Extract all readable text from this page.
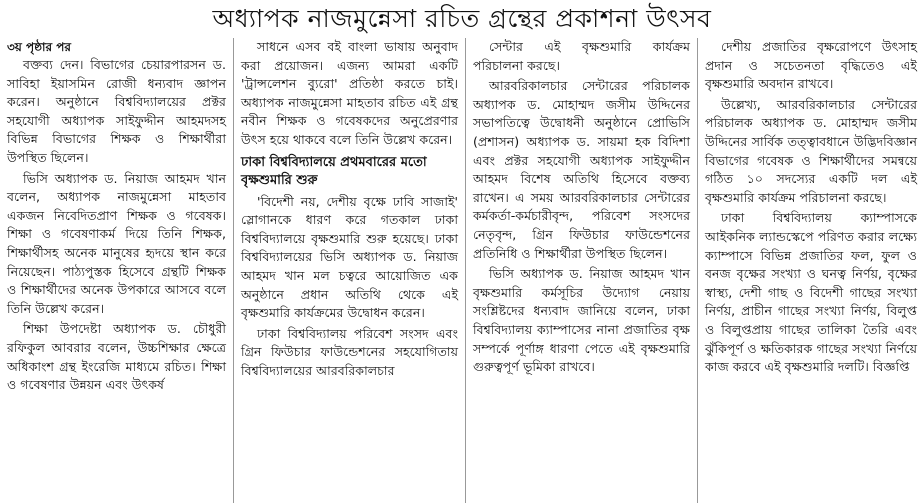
অধ্যাপক নাজমুন্নেসা রচিত গ্রন্থের প্রকাশনা উৎসব
৩য় পৃষ্ঠার পর

বক্তব্য দেন। বিভাগের চেয়ারপারসন ড. সাবিহা ইয়াসমিন রোজী ধন্যবাদ জ্ঞাপন করেন। অনুষ্ঠানে বিশ্ববিদ্যালয়ের প্রক্টর সহযোগী অধ্যাপক সাইফুদ্দীন আহমদসহ বিভিন্ন বিভাগের শিক্ষক ও শিক্ষার্থীরা উপস্থিত ছিলেন।

ভিসি অধ্যাপক ড. নিয়াজ আহমদ খান বলেন, অধ্যাপক নাজমুন্নেসা মাহতাব একজন নিবেদিতপ্রাণ শিক্ষক ও গবেষক। শিক্ষা ও গবেষণাকর্ম দিয়ে তিনি শিক্ষক, শিক্ষার্থীসহ অনেক মানুষের হৃদয়ে স্থান করে নিয়েছেন। পাঠ্যপুস্তক হিসেবে গ্রন্থটি শিক্ষক ও শিক্ষার্থীদের অনেক উপকারে আসবে বলে তিনি উল্লেখ করেন।

শিক্ষা উপদেষ্টা অধ্যাপক ড. চৌধুরী রফিকুল আবরার বলেন, উচ্চশিক্ষার ক্ষেত্রে অধিকাংশ গ্রন্থ ইংরেজি মাধ্যমে রচিত। শিক্ষা ও গবেষণার উন্নয়ন এবং উৎকর্ষ

সাধনে এসব বই বাংলা ভাষায় অনুবাদ করা প্রয়োজন। এজন্য আমরা একটি 'ট্রান্সলেশন ব্যুরো' প্রতিষ্ঠা করতে চাই। অধ্যাপক নাজমুন্নেসা মাহতাব রচিত এই গ্রন্থ নবীন শিক্ষক ও গবেষকদের অনুপ্রেরণার উৎস হয়ে থাকবে বলে তিনি উল্লেখ করেন।

ঢাকা বিশ্ববিদ্যালয়ে প্রথমবারের মতো বৃক্ষশুমারি শুরু

'বিদেশী নয়, দেশীয় বৃক্ষে ঢাবি সাজাই' স্লোগানকে ধারণ করে গতকাল ঢাকা বিশ্ববিদ্যালয়ে বৃক্ষশুমারি শুরু হয়েছে। ঢাকা বিশ্ববিদ্যালয়ের ভিসি অধ্যাপক ড. নিয়াজ আহমদ খান মল চত্বরে আয়োজিত এক অনুষ্ঠানে প্রধান অতিথি থেকে এই বৃক্ষশুমারি কার্যক্রমের উদ্বোধন করেন।

ঢাকা বিশ্ববিদ্যালয় পরিবেশ সংসদ এবং গ্রিন ফিউচার ফাউন্ডেশনের সহযোগিতায় বিশ্ববিদ্যালয়ের আরবরিকালচার

সেন্টার এই বৃক্ষশুমারি কার্যক্রম পরিচালনা করছে।

আরবরিকালচার সেন্টারের পরিচালক অধ্যাপক ড. মোহাম্মদ জসীম উদ্দিনের সভাপতিত্বে উদ্বোধনী অনুষ্ঠানে প্রোভিসি (প্রশাসন) অধ্যাপক ড. সায়মা হক বিদিশা এবং প্রক্টর সহযোগী অধ্যাপক সাইফুদ্দীন আহমদ বিশেষ অতিথি হিসেবে বক্তব্য রাখেন। এ সময় আরবরিকালচার সেন্টারের কর্মকর্তা-কর্মচারীবৃন্দ, পরিবেশ সংসদের নেতৃবৃন্দ, গ্রিন ফিউচার ফাউন্ডেশনের প্রতিনিধি ও শিক্ষার্থীরা উপস্থিত ছিলেন।

ভিসি অধ্যাপক ড. নিয়াজ আহমদ খান বৃক্ষশুমারি কর্মসূচির উদ্যোগ নেয়ায় সংশ্লিষ্টদের ধন্যবাদ জানিয়ে বলেন, ঢাকা বিশ্ববিদ্যালয় ক্যাম্পাসের নানা প্রজাতির বৃক্ষ সম্পর্কে পূর্ণাঙ্গ ধারণা পেতে এই বৃক্ষশুমারি গুরুত্বপূর্ণ ভূমিকা রাখবে।

দেশীয় প্রজাতির বৃক্ষরোপণে উৎসাহ প্রদান ও সচেতনতা বৃদ্ধিতেও এই বৃক্ষশুমারি অবদান রাখবে।

উল্লেখ্য, আরবরিকালচার সেন্টারের পরিচালক অধ্যাপক ড. মোহাম্মদ জসীম উদ্দিনের সার্বিক তত্ত্বাবধানে উদ্ভিদবিজ্ঞান বিভাগের গবেষক ও শিক্ষার্থীদের সমন্বয়ে গঠিত ১০ সদস্যের একটি দল এই বৃক্ষশুমারি কার্যক্রম পরিচালনা করছে।

ঢাকা বিশ্ববিদ্যালয় ক্যাম্পাসকে আইকনিক ল্যান্ডস্কেপে পরিণত করার লক্ষ্যে ক্যাম্পাসে বিভিন্ন প্রজাতির ফল, ফুল ও বনজ বৃক্ষের সংখ্যা ও ঘনত্ব নির্ণয়, বৃক্ষের স্বাস্থ্য, দেশী গাছ ও বিদেশী গাছের সংখ্যা নির্ণয়, প্রাচীন গাছের সংখ্যা নির্ণয়, বিলুপ্ত ও বিলুপ্তপ্রায় গাছের তালিকা তৈরি এবং ঝুঁকিপূর্ণ ও ক্ষতিকারক গাছের সংখ্যা নির্ণয়ে কাজ করবে এই বৃক্ষশুমারি দলটি। বিজ্ঞপ্তি
